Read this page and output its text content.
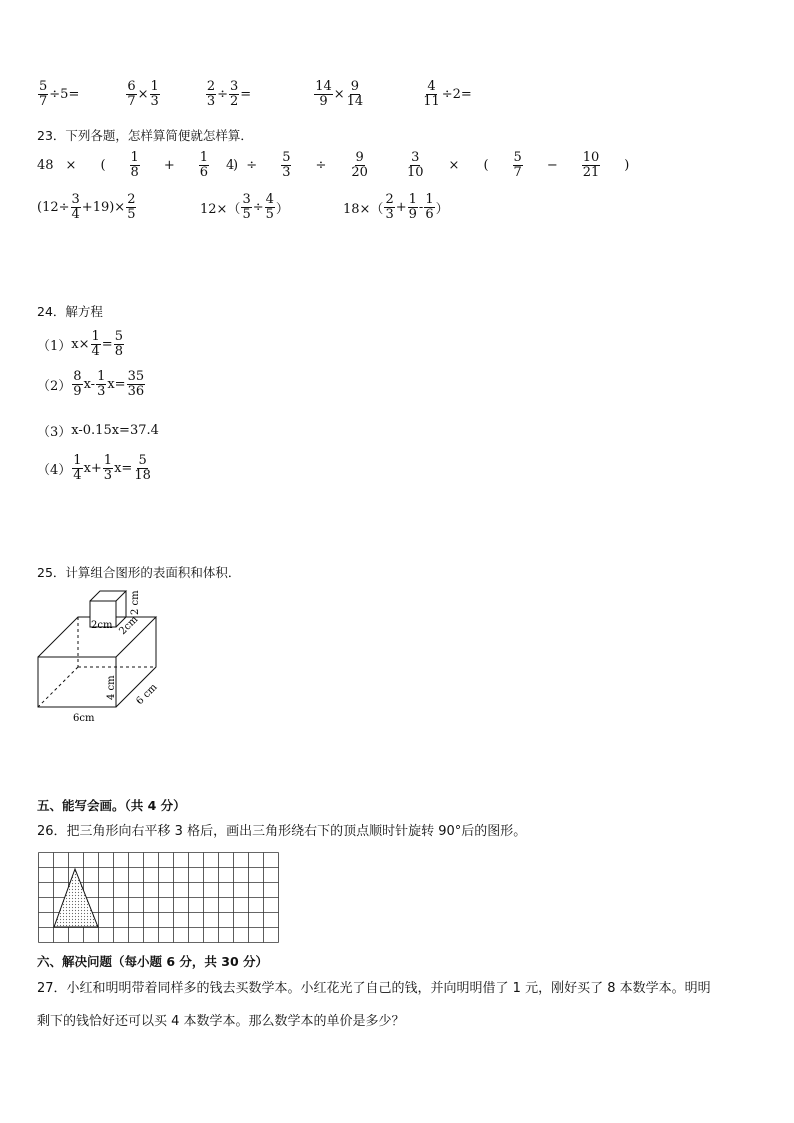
$\frac{5}{7} \div 5=$	$\frac{6}{7} \times \frac{1}{3}$	$\frac{2}{3} \div \frac{3}{2}$ =	$\frac{14}{9} \times \frac{9}{14}$	$\frac{4}{11} \div 2=$
23．下列各题，怎样算简便就怎样算．
48 × ( $\frac{1}{8} + \frac{1}{6}$ )
$4 \div \frac{5}{3} \div \frac{9}{20}$	$\frac{3}{10}$ × ( $\frac{5}{7} - \frac{10}{21}$ )
$(12\div \frac{3}{4} +19)\times \frac{2}{5}$	$12\times( \frac{3}{5} \div \frac{4}{5}$ ）	$18\times( \frac{2}{3} + \frac{1}{9} - \frac{1}{6}$ ）
24．解方程
（1） $x\times \frac{1}{4} = \frac{5}{8}$
$(2) \frac{8}{9} x- \frac{1}{3} x= \frac{35}{36}$
（3） x-0.15x=37.4
$(4) \frac{1}{4} x+ \frac{1}{3} x= \frac{5}{18}$
25．计算组合图形的表面积和体积．
2cm 2cm
2 cm
4 cm 6 cm
6cm
五、能写会画。（共 4 分）
26．把三角形向右平移 3 格后，画出三角形绕右下的顶点顺时针旋转 90°后的图形。
六、解决问题（每小题 6 分，共 30 分）
27．小红和明明带着同样多的钱去买数学本。小红花光了自己的钱，并向明明借了 1 元，刚好买了 8 本数学本。明明
剩下的钱恰好还可以买 4 本数学本。那么数学本的单价是多少？
